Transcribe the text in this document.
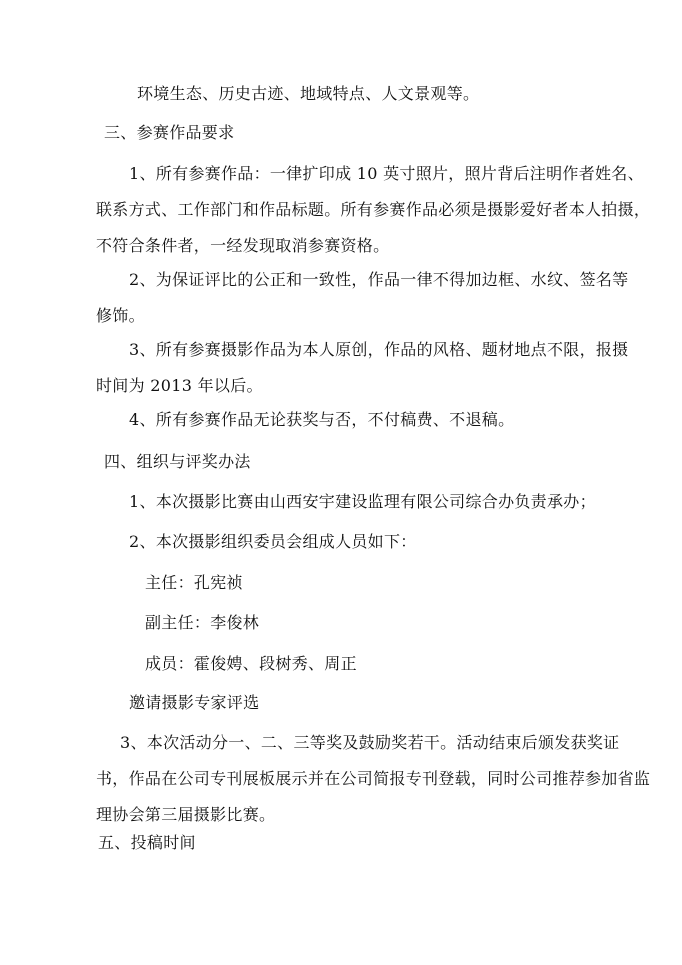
环境生态、历史古迹、地域特点、人文景观等。

三、参赛作品要求

1、所有参赛作品：一律扩印成 10 英寸照片，照片背后注明作者姓名、
联系方式、工作部门和作品标题。所有参赛作品必须是摄影爱好者本人拍摄，
不符合条件者，一经发现取消参赛资格。
2、为保证评比的公正和一致性，作品一律不得加边框、水纹、签名等
修饰。
3、所有参赛摄影作品为本人原创，作品的风格、题材地点不限，报摄
时间为 2013 年以后。

4、所有参赛作品无论获奖与否，不付稿费、不退稿。

四、组织与评奖办法

1、本次摄影比赛由山西安宇建设监理有限公司综合办负责承办；

2、本次摄影组织委员会组成人员如下：

主任：孔宪祯

副主任：李俊林

成员：霍俊娉、段树秀、周正

邀请摄影专家评选

3、本次活动分一、二、三等奖及鼓励奖若干。活动结束后颁发获奖证
书，作品在公司专刊展板展示并在公司简报专刊登载，同时公司推荐参加省监
理协会第三届摄影比赛。

五、投稿时间
